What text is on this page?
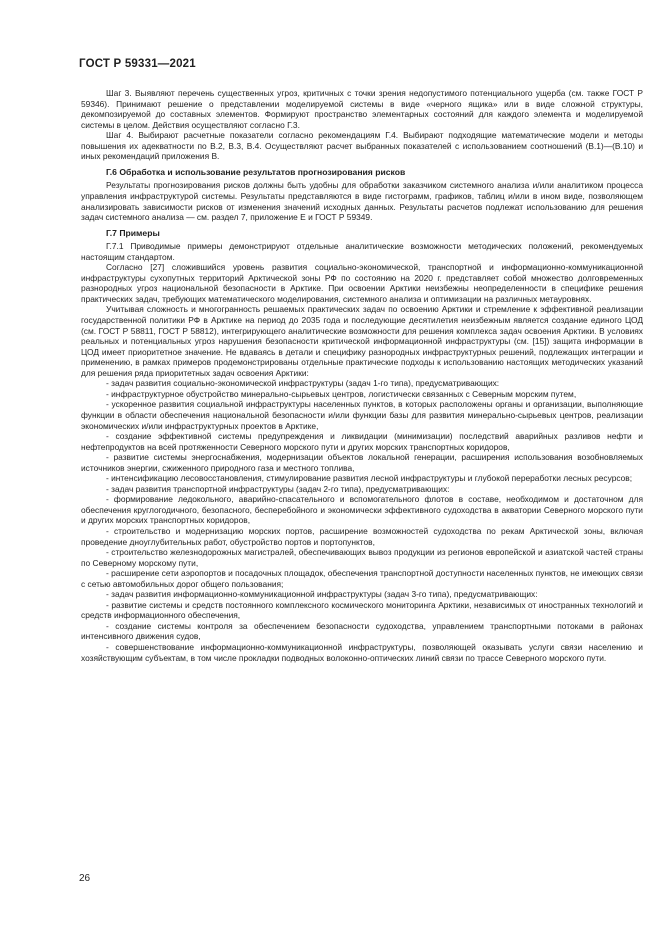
ГОСТ Р 59331—2021

Шаг 3. Выявляют перечень существенных угроз, критичных с точки зрения недопустимого потенциального ущерба (см. также ГОСТ Р 59346). Принимают решение о представлении моделируемой системы в виде «черного ящика» или в виде сложной структуры, декомпозируемой до составных элементов. Формируют пространство элементарных состояний для каждого элемента и моделируемой системы в целом. Действия осуществляют согласно Г.3.

Шаг 4. Выбирают расчетные показатели согласно рекомендациям Г.4. Выбирают подходящие математические модели и методы повышения их адекватности по В.2, В.3, В.4. Осуществляют расчет выбранных показателей с использованием соотношений (В.1)—(В.10) и иных рекомендаций приложения В.

Г.6 Обработка и использование результатов прогнозирования рисков

Результаты прогнозирования рисков должны быть удобны для обработки заказчиком системного анализа и/или аналитиком процесса управления инфраструктурой системы. Результаты представляются в виде гистограмм, графиков, таблиц и/или в ином виде, позволяющем анализировать зависимости рисков от изменения значений исходных данных. Результаты расчетов подлежат использованию для решения задач системного анализа — см. раздел 7, приложение Е и ГОСТ Р 59349.

Г.7 Примеры

Г.7.1 Приводимые примеры демонстрируют отдельные аналитические возможности методических положений, рекомендуемых настоящим стандартом.

Согласно [27] сложившийся уровень развития социально-экономической, транспортной и информационно-коммуникационной инфраструктуры сухопутных территорий Арктической зоны РФ по состоянию на 2020 г. представляет собой множество долговременных разнородных угроз национальной безопасности в Арктике. При освоении Арктики неизбежны неопределенности в специфике решения практических задач, требующих математического моделирования, системного анализа и оптимизации на различных метауровнях.

Учитывая сложность и многогранность решаемых практических задач по освоению Арктики и стремление к эффективной реализации государственной политики РФ в Арктике на период до 2035 года и последующие десятилетия неизбежным является создание единого ЦОД (см. ГОСТ Р 58811, ГОСТ Р 58812), интегрирующего аналитические возможности для решения комплекса задач освоения Арктики. В условиях реальных и потенциальных угроз нарушения безопасности критической информационной инфраструктуры (см. [15]) защита информации в ЦОД имеет приоритетное значение. Не вдаваясь в детали и специфику разнородных инфраструктурных решений, подлежащих интеграции и применению, в рамках примеров продемонстрированы отдельные практические подходы к использованию настоящих методических указаний для решения ряда приоритетных задач освоения Арктики:

- задач развития социально-экономической инфраструктуры (задач 1-го типа), предусматривающих:

- инфраструктурное обустройство минерально-сырьевых центров, логистически связанных с Северным морским путем,

- ускоренное развития социальной инфраструктуры населенных пунктов, в которых расположены органы и организации, выполняющие функции в области обеспечения национальной безопасности и/или функции базы для развития минерально-сырьевых центров, реализации экономических и/или инфраструктурных проектов в Арктике,

- создание эффективной системы предупреждения и ликвидации (минимизации) последствий аварийных разливов нефти и нефтепродуктов на всей протяженности Северного морского пути и других морских транспортных коридоров,

- развитие системы энергоснабжения, модернизации объектов локальной генерации, расширения использования возобновляемых источников энергии, сжиженного природного газа и местного топлива,

- интенсификацию лесовосстановления, стимулирование развития лесной инфраструктуры и глубокой переработки лесных ресурсов;

- задач развития транспортной инфраструктуры (задач 2-го типа), предусматривающих:

- формирование ледокольного, аварийно-спасательного и вспомогательного флотов в составе, необходимом и достаточном для обеспечения круглогодичного, безопасного, бесперебойного и экономически эффективного судоходства в акватории Северного морского пути и других морских транспортных коридоров,

- строительство и модернизацию морских портов, расширение возможностей судоходства по рекам Арктической зоны, включая проведение дноуглубительных работ, обустройство портов и портопунктов,

- строительство железнодорожных магистралей, обеспечивающих вывоз продукции из регионов европейской и азиатской частей страны по Северному морскому пути,

- расширение сети аэропортов и посадочных площадок, обеспечения транспортной доступности населенных пунктов, не имеющих связи с сетью автомобильных дорог общего пользования;

- задач развития информационно-коммуникационной инфраструктуры (задач 3-го типа), предусматривающих:

- развитие системы и средств постоянного комплексного космического мониторинга Арктики, независимых от иностранных технологий и средств информационного обеспечения,

- создание системы контроля за обеспечением безопасности судоходства, управлением транспортными потоками в районах интенсивного движения судов,

- совершенствование информационно-коммуникационной инфраструктуры, позволяющей оказывать услуги связи населению и хозяйствующим субъектам, в том числе прокладки подводных волоконно-оптических линий связи по трассе Северного морского пути.

26
